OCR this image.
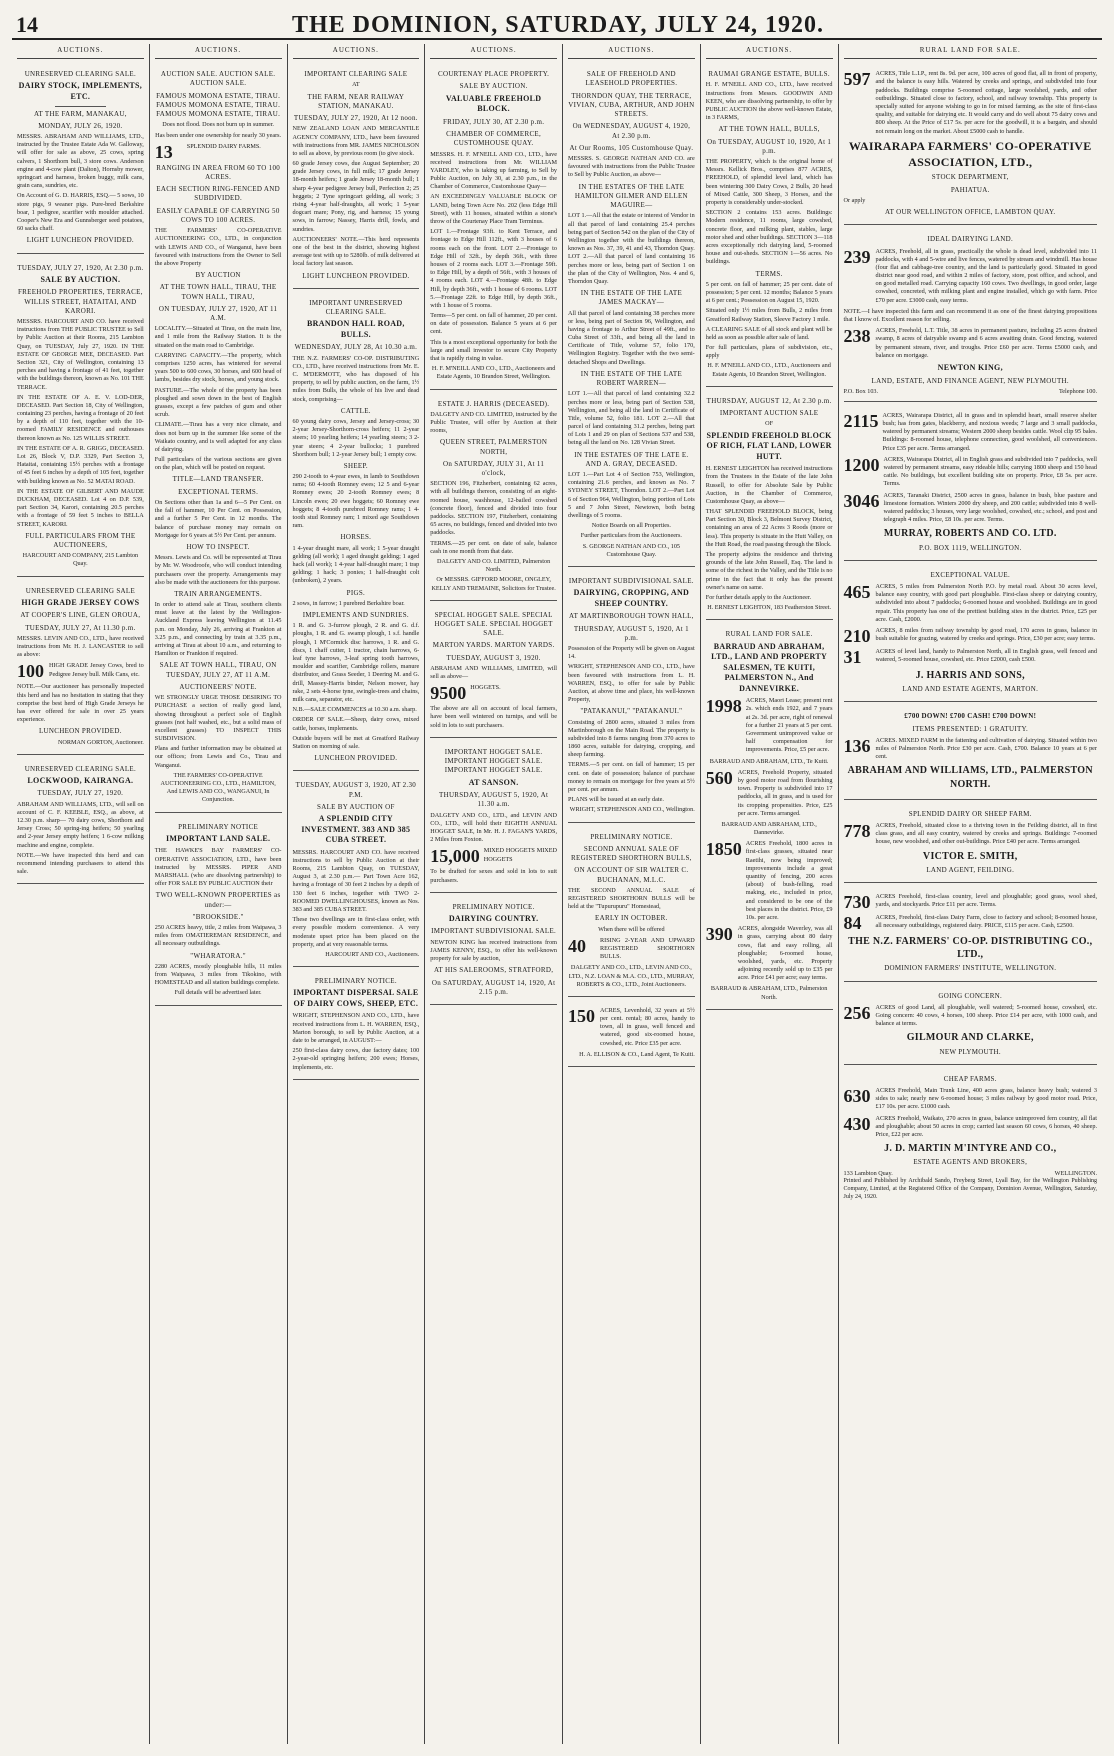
14	THE DOMINION, SATURDAY, JULY 24, 1920.
AUCTIONS.
UNRESERVED CLEARING SALE.
DAIRY STOCK, IMPLEMENTS, ETC.
AT THE FARM, MANAKAU,
MONDAY, JULY 26, 1920.

MESSRS. ABRAHAM AND WILLIAMS, LTD., instructed by the Trustee Estate Ada W. Galloway, will offer for sale as above, 25 cows, spring calvers, 1 Shorthorn bull, 3 store cows. Anderson engine and 4-cow plant (Dalton), Hornsby mower, springcart and harness, broken buggy, milk cans, grain cans, sundries, etc.

On Account of G. D. HARRIS, ESQ.— 5 sows, 10 store pigs, 9 weaner pigs. Pure-bred Berkshire boar, 1 pedigree, scarifier with moulder attached. Cooper's New Era and Gunnsberger seed potatoes, 60 sacks chaff.

LIGHT LUNCHEON PROVIDED.
TUESDAY, JULY 27, 1920, At 2.30 p.m.
SALE BY AUCTION.
FREEHOLD PROPERTIES, TERRACE, WILLIS STREET, HATAITAI, AND KARORI.

MESSRS. HARCOURT AND CO. have received instructions from THE PUBLIC TRUSTEE to Sell by Public Auction at their Rooms, 215 Lambton Quay, on TUESDAY, July 27, 1920. IN THE ESTATE OF GEORGE MEE, DECEASED. Part Section 321, City of Wellington, containing 13 perches and having a frontage of 41 feet, together with the buildings thereon, known as No. 101 THE TERRACE.

IN THE ESTATE OF A. E. V. LOD-DER, DECEASED. Part Section 18, City of Wellington, containing 23 perches, having a frontage of 20 feet by a depth of 110 feet, together with the 10-roomed FAMILY RESIDENCE and outhouses thereon known as No. 125 WILLIS STREET.

IN THE ESTATE OF A. R. GRIGG, DECEASED. Lot 26, Block V, D.P. 3329, Part Section 3, Hataitai, containing 15½ perches with a frontage of 45 feet 6 inches by a depth of 105 feet, together with building known as No. 52 MATAI ROAD.

IN THE ESTATE OF GILBERT AND MAUDE DUCKHAM, DECEASED. Lot 4 on D.P. 539, part Section 34, Karori, containing 20.5 perches with a frontage of 59 feet 5 inches to BELLA STREET, KARORI.

FULL PARTICULARS FROM THE AUCTIONEERS,

HARCOURT AND COMPANY, 215 Lambton Quay.

UNRESERVED CLEARING SALE
HIGH GRADE JERSEY COWS
AT COOPER'S LINE, GLEN OROUA,
TUESDAY, JULY 27, At 11.30 p.m.

MESSRS. LEVIN AND CO., LTD., have received instructions from Mr. H. J. LANCASTER to sell as above:

100 HIGH GRADE Jersey Cows, bred to Pedigree Jersey bull. Milk Cans, etc.

NOTE.—Our auctioneer has personally inspected this herd and has no hesitation in stating that they comprise the best herd of High Grade Jerseys he has ever offered for sale in over 25 years experience.

LUNCHEON PROVIDED.

NORMAN GORTON, Auctioneer.

UNRESERVED CLEARING SALE.
LOCKWOOD, KAIRANGA.
TUESDAY, JULY 27, 1920.

ABRAHAM AND WILLIAMS, LTD., will sell on account of C. F. KEEBLE, ESQ., as above, at 12.30 p.m. sharp— 70 dairy cows, Shorthorn and Jersey Cross; 50 spring-ing heifers; 50 yearling and 2-year Jersey empty heifers; 1 6-cow milking machine and engine, complete.

NOTE.—We have inspected this herd and can recommend intending purchasers to attend this sale.

AUCTIONS.
AUCTION SALE. AUCTION SALE. AUCTION SALE.
FAMOUS MOMONA ESTATE, TIRAU. FAMOUS MOMONA ESTATE, TIRAU. FAMOUS MOMONA ESTATE, TIRAU.

Does not flood. Does not burn up in summer.

Has been under one ownership for nearly 30 years.

13	SPLENDID DAIRY FARMS.
RANGING IN AREA FROM 60 TO 100 ACRES.
EACH SECTION RING-FENCED AND SUBDIVIDED.
EASILY CAPABLE OF CARRYING 50 COWS TO 100 ACRES.

THE FARMERS' CO-OPERATIVE AUCTIONEERING CO., LTD., in conjunction with LEWIS AND CO., of Wanganui, have been favoured with instructions from the Owner to Sell the above Property

BY AUCTION
AT THE TOWN HALL, TIRAU, THE TOWN HALL, TIRAU,
ON TUESDAY, JULY 27, 1920, AT 11 A.M.

LOCALITY.—Situated at Tirau, on the main line, and 1 mile from the Railway Station. It is the situated on the main road to Cambridge.

CARRYING CAPACITY.—The property, which comprises 1250 acres, has wintered for several years 500 to 600 cows, 30 horses, and 600 head of lambs, besides dry stock, horses, and young stock.

PASTURE.—The whole of the property has been ploughed and sown down in the best of English grasses, except a few patches of gum and other scrub.

CLIMATE.—Tirau has a very nice climate, and does not burn up in the summer like some of the Waikato country, and is well adapted for any class of dairying.

Full particulars of the various sections are given on the plan, which will be posted on request.

TITLE—LAND TRANSFER.
EXCEPTIONAL TERMS.

On Sections other than 1a and 6—5 Per Cent. on the fall of hammer, 10 Per Cent. on Possession, and a further 5 Per Cent. in 12 months. The balance of purchase money may remain on Mortgage for 6 years at 5½ Per Cent. per annum.

HOW TO INSPECT.

Messrs. Lewis and Co. will be represented at Tirau by Mr. W. Woodroofe, who will conduct intending purchasers over the property. Arrangements may also be made with the auctioneers for this purpose.

TRAIN ARRANGEMENTS.

In order to attend sale at Tirau, southern clients must leave at the latest by the Wellington-Auckland Express leaving Wellington at 11.45 p.m. on Monday, July 26, arriving at Frankton at 3.25 p.m., and connecting by train at 3.35 p.m., arriving at Tirau at about 10 a.m., and returning to Hamilton or Frankton if required.

SALE AT TOWN HALL, TIRAU, ON TUESDAY, JULY 27, AT 11 A.M.
AUCTIONEERS' NOTE.

WE STRONGLY URGE THOSE DESIRING TO PURCHASE a section of really good land, showing throughout a perfect sole of English grasses (not half washed, etc., but a solid mass of excellent grasses) TO INSPECT THIS SUBDIVISION.

Plans and further information may be obtained at our offices; from Lewis and Co., Tirau and Wanganui.

THE FARMERS' CO-OPERATIVE AUCTIONEERING CO., LTD., HAMILTON, And LEWIS AND CO., WANGANUI, In Conjunction.

PRELIMINARY NOTICE
IMPORTANT LAND SALE.

THE HAWKE'S BAY FARMERS' CO-OPERATIVE ASSOCIATION, LTD., have been instructed by MESSRS. PIPER AND MARSHALL (who are dissolving partnership) to offer FOR SALE BY PUBLIC AUCTION their

TWO WELL-KNOWN PROPERTIES as under:—
"BROOKSIDE."

250 ACRES heavy, title, 2 miles from Waipawa, 3 miles from OMATIEREMAN RESIDENCE, and all necessary outbuildings.

"WHARATORA."

2280 ACRES, mostly ploughable hills, 11 miles from Waipawa, 3 miles from Tikokino, with HOMESTEAD and all station buildings complete.

Full details will be advertised later.

AUCTIONS.
IMPORTANT CLEARING SALE

AT

THE FARM, NEAR RAILWAY STATION, MANAKAU.
TUESDAY, JULY 27, 1920, At 12 noon.

NEW ZEALAND LOAN AND MERCANTILE AGENCY COMPANY, LTD., have been favoured with instructions from MR. JAMES NICHOLSON to sell as above, by previous room (to give stock.

60 grade Jersey cows, due August September; 20 grade Jersey cows, in full milk; 17 grade Jersey 18-month heifers; 1 grade Jersey 18-month bull; 1 sharp 4-year pedigree Jersey bull, Perfection 2; 25 heggets; 2 Tyne springcart gelding, all work; 3 rising 4-year half-draughts, all work; 1 5-year dogcart mare; Pony, rig, and harness; 15 young sows, in farrow; Nassey, Harris drill, fowls, and sundries.

AUCTIONEERS' NOTE.—This herd represents one of the best in the district, showing highest average test with up to 5280lb. of milk delivered at local factory last season.

LIGHT LUNCHEON PROVIDED.
IMPORTANT UNRESERVED CLEARING SALE.
BRANDON HALL ROAD, BULLS.
WEDNESDAY, JULY 28, At 10.30 a.m.

THE N.Z. FARMERS' CO-OP. DISTRIBUTING CO., LTD., have received instructions from Mr. E. C. M'DERMOTT, who has disposed of his property, to sell by public auction, on the farm, 1½ miles from Bulls, the whole of his live and dead stock, comprising—

CATTLE.

60 young dairy cows, Jersey and Jersey-cross; 30 2-year Jersey-Shorthorn-cross heifers; 11 2-year steers; 10 yearling heifers; 14 yearling steers; 3 2-year steers; 4 2-year bullocks; 1 purebred Shorthorn bull; 1 2-year Jersey bull; 1 empty cow.

SHEEP.

290 2-tooth to 4-year ewes, in lamb to Southdown rams; 60 4-tooth Romney ewes; 12 5 and 6-year Romney ewes; 20 2-tooth Romney ewes; 8 Lincoln ewes; 20 ewe hoggets; 60 Romney ewe hoggets; 8 4-tooth purebred Romney rams; 1 4-tooth stud Romney ram; 1 mixed age Southdown ram.

HORSES.

1 4-year draught mare, all work; 1 5-year draught gelding (all work); 1 aged draught gelding; 1 aged hack (all work); 1 4-year half-draught mare; 1 trap gelding; 1 hack; 3 ponies; 1 half-draught colt (unbroken), 2 years.

PIGS.

2 sows, in farrow; 1 purebred Berkshire boar.

IMPLEMENTS AND SUNDRIES.

1 R. and G. 3-furrow plough, 2 R. and G. d.f. ploughs, 1 R. and G. swamp plough, 1 s.f. handle plough, 1 M'Cormick disc harrows, 1 R. and G. discs, 1 chaff cutter, 1 tractor, chain harrows, 6-leaf tyne harrows, 3-leaf spring tooth harrows, moulder and scarifier, Cambridge rollers, manure distributor, and Grass Seeder, 1 Deering M. and G. drill, Massey-Harris binder, Nelson mower, hay rake, 2 sets 4-horse tyne, swingle-trees and chains, milk cans, separator, etc.

N.B.—SALE COMMENCES at 10.30 a.m. sharp.

ORDER OF SALE.—Sheep, dairy cows, mixed cattle, horses, implements.

Outside buyers will be met at Greatford Railway Station on morning of sale.

LUNCHEON PROVIDED.
TUESDAY, AUGUST 3, 1920, AT 2.30 P.M.
SALE BY AUCTION OF
A SPLENDID CITY INVESTMENT. 383 AND 385 CUBA STREET.

MESSRS. HARCOURT AND CO. have received instructions to sell by Public Auction at their Rooms, 215 Lambton Quay, on TUESDAY, August 3, at 2.30 p.m.— Part Town Acre 162, having a frontage of 30 feet 2 inches by a depth of 130 feet 6 inches, together with TWO 2-ROOMED DWELLINGHOUSES, known as Nos. 383 and 385 CUBA STREET.

These two dwellings are in first-class order, with every possible modern convenience. A very moderate upset price has been placed on the property, and at very reasonable terms.

HARCOURT AND CO., Auctioneers.

PRELIMINARY NOTICE.
IMPORTANT DISPERSAL SALE OF DAIRY COWS, SHEEP, ETC.

WRIGHT, STEPHENSON AND CO., LTD., have received instructions from L. H. WARREN, ESQ., Marton borough, to sell by Public Auction, at a date to be arranged, in AUGUST:—

250 first-class dairy cows, due factory dates; 100 2-year-old springing heifers; 200 ewes; Horses, implements, etc.

AUCTIONS.
COURTENAY PLACE PROPERTY.
SALE BY AUCTION.
VALUABLE FREEHOLD BLOCK.
FRIDAY, JULY 30, AT 2.30 p.m.
CHAMBER OF COMMERCE, CUSTOMHOUSE QUAY.

MESSRS. H. F. M'NEILL AND CO., LTD., have received instructions from Mr. WILLIAM YARDLEY, who is taking up farming, to Sell by Public Auction, on July 30, at 2.30 p.m., in the Chamber of Commerce, Customhouse Quay—

AN EXCEEDINGLY VALUABLE BLOCK OF LAND, being Town Acre No. 202 (less Edge Hill Street), with 11 houses, situated within a stone's throw of the Courtenay Place Tram Terminus.

LOT 1.—Frontage 93ft. to Kent Terrace, and frontage to Edge Hill 112ft., with 3 houses of 6 rooms each on the front. LOT 2.—Frontage to Edge Hill of 32ft., by depth 36ft., with three houses of 2 rooms each. LOT 3.—Frontage 59ft. to Edge Hill, by a depth of 56ft., with 3 houses of 4 rooms each. LOT 4.—Frontage 48ft. to Edge Hill, by depth 36ft., with 1 house of 6 rooms. LOT 5.—Frontage 22ft. to Edge Hill, by depth 36ft., with 1 house of 5 rooms.

Terms—5 per cent. on fall of hammer, 20 per cent. on date of possession. Balance 5 years at 6 per cent.

This is a most exceptional opportunity for both the large and small investor to secure City Property that is rapidly rising in value.

H. F. M'NEILL AND CO., LTD., Auctioneers and Estate Agents, 10 Brandon Street, Wellington.

ESTATE J. HARRIS (DECEASED).

DALGETY AND CO. LIMITED, instructed by the Public Trustee, will offer by Auction at their rooms,

QUEEN STREET, PALMERSTON NORTH,
On SATURDAY, JULY 31, At 11 o'clock,

SECTION 196, Fitzherbert, containing 62 acres, with all buildings thereon, consisting of an eight-roomed house, washhouse, 12-bailed cowshed (concrete floor), fenced and divided into four paddocks. SECTION 197, Fitzherbert, containing 65 acres, no buildings, fenced and divided into two paddocks.

TERMS.—25 per cent. on date of sale, balance cash in one month from that date.

DALGETY AND CO. LIMITED, Palmerston North.

Or MESSRS. GIFFORD MOORE, ONGLEY, KELLY AND TREMAINE, Solicitors for Trustee.

SPECIAL HOGGET SALE. SPECIAL HOGGET SALE. SPECIAL HOGGET SALE.
MARTON YARDS. MARTON YARDS.
TUESDAY, AUGUST 3, 1920.

ABRAHAM AND WILLIAMS, LIMITED, will sell as above—

9500 HOGGETS.

The above are all on account of local farmers, have been well wintered on turnips, and will be sold in lots to suit purchasers.

IMPORTANT HOGGET SALE. IMPORTANT HOGGET SALE. IMPORTANT HOGGET SALE.
AT SANSON.
THURSDAY, AUGUST 5, 1920, At 11.30 a.m.

DALGETY AND CO., LTD., and LEVIN AND CO., LTD., will hold their EIGHTH ANNUAL HOGGET SALE, In Mr. H. J. FAGAN'S YARDS, 2 Miles from Foxton.

15,000 MIXED HOGGETS MIXED HOGGETS

To be drafted for sexes and sold in lots to suit purchasers.

PRELIMINARY NOTICE.
DAIRYING COUNTRY.
IMPORTANT SUBDIVISIONAL SALE.

NEWTON KING has received instructions from JAMES KENNY, ESQ., to offer his well-known property for sale by auction,

AT HIS SALEROOMS, STRATFORD,
On SATURDAY, AUGUST 14, 1920, At 2.15 p.m.
AUCTIONS.
SALE OF FREEHOLD AND LEASEHOLD PROPERTIES.
THORNDON QUAY, THE TERRACE, VIVIAN, CUBA, ARTHUR, AND JOHN STREETS.
On WEDNESDAY, AUGUST 4, 1920, At 2.30 p.m.
At Our Rooms, 105 Customhouse Quay.

MESSRS. S. GEORGE NATHAN AND CO. are favoured with instructions from the Public Trustee to Sell by Public Auction, as above—

IN THE ESTATES OF THE LATE HAMILTON GILMER AND ELLEN MAGUIRE—

LOT 1.—All that the estate or interest of Vendor in all that parcel of land containing 25.4 perches being part of Section 542 on the plan of the City of Wellington together with the buildings thereon, known as Nos. 37, 39, 41 and 43, Thorndon Quay. LOT 2.—All that parcel of land containing 16 perches more or less, being part of Section 1 on the plan of the City of Wellington, Nos. 4 and 6, Thorndon Quay.

IN THE ESTATE OF THE LATE JAMES MACKAY—

All that parcel of land containing 38 perches more or less, being part of Section 96, Wellington, and having a frontage to Arthur Street of 49ft., and to Cuba Street of 33ft., and being all the land in Certificate of Title, volume 57, folio 170, Wellington Registry. Together with the two semi-detached Shops and Dwellings.

IN THE ESTATE OF THE LATE ROBERT WARREN—

LOT 1.—All that parcel of land containing 32.2 perches more or less, being part of Section 538, Wellington, and being all the land in Certificate of Title, volume 52, folio 181. LOT 2.—All that parcel of land containing 31.2 perches, being part of Lots 1 and 29 on plan of Sections 537 and 538, being all the land on No. 128 Vivian Street.

IN THE ESTATES OF THE LATE E. AND A. GRAY, DECEASED.

LOT 1.—Part Lot 4 of Section 753, Wellington, containing 21.6 perches, and known as No. 7 SYDNEY STREET, Thorndon. LOT 2.—Part Lot 6 of Section 964, Wellington, being portion of Lots 5 and 7 John Street, Newtown, both being dwellings of 5 rooms.

Notice Boards on all Properties.

Further particulars from the Auctioneers.

S. GEORGE NATHAN AND CO., 105 Customhouse Quay.

IMPORTANT SUBDIVISIONAL SALE.
DAIRYING, CROPPING, AND SHEEP COUNTRY.
AT MARTINBOROUGH TOWN HALL,
THURSDAY, AUGUST 5, 1920, At 1 p.m.

Possession of the Property will be given on August 14.

WRIGHT, STEPHENSON AND CO., LTD., have been favoured with instructions from L. H. WARREN, ESQ., to offer for sale by Public Auction, at above time and place, his well-known Property,

"PATAKANUI," "PATAKANUI."

Consisting of 2800 acres, situated 3 miles from Martinborough on the Main Road. The property is subdivided into 8 farms ranging from 370 acres to 1860 acres, suitable for dairying, cropping, and sheep farming.

TERMS.—5 per cent. on fall of hammer; 15 per cent. on date of possession; balance of purchase money to remain on mortgage for five years at 5½ per cent. per annum.

PLANS will be issued at an early date.

WRIGHT, STEPHENSON AND CO., Wellington.

PRELIMINARY NOTICE.
SECOND ANNUAL SALE OF REGISTERED SHORTHORN BULLS,
ON ACCOUNT OF SIR WALTER C. BUCHANAN, M.L.C.

THE SECOND ANNUAL SALE of REGISTERED SHORTHORN BULLS will be held at the "Tupurupuru" Homestead,

EARLY IN OCTOBER.

When there will be offered

40	RISING 2-YEAR AND UPWARD REGISTERED SHORTHORN BULLS.

DALGETY AND CO., LTD., LEVIN AND CO., LTD., N.Z. LOAN & M.A. CO., LTD., MURRAY, ROBERTS & CO., LTD., Joint Auctioneers.

150 ACRES, Levenhold, 32 years at 5½ per cent. rental; 80 acres, handy to town, all in grass, well fenced and watered, good six-roomed house, cowshed, etc. Price £35 per acre.

H. A. ELLISON & CO., Land Agent, Te Kuiti.

AUCTIONS.
RAUMAI GRANGE ESTATE, BULLS.

H. F. M'NEILL AND CO., LTD., have received instructions from Messrs. GOODWIN AND KEEN, who are dissolving partnership, to offer by PUBLIC AUCTION the above well-known Estate, in 3 FARMS,

AT THE TOWN HALL, BULLS,
On TUESDAY, AUGUST 10, 1920, At 1 p.m.

THE PROPERTY, which is the original home of Messrs. Kellick Bros., comprises 877 ACRES, FREEHOLD, of splendid level land, which has been wintering 300 Dairy Cows, 2 Bulls, 20 head of Mixed Cattle, 300 Sheep, 3 Horses, and the property is considerably under-stocked.

SECTION 2 contains 153 acres. Buildings: Modern residence, 11 rooms, large cowshed, concrete floor, and milking plant, stables, large motor shed and other buildings. SECTION 3—118 acres exceptionally rich dairying land, 5-roomed house and out-sheds. SECTION 1—56 acres. No buildings.

TERMS.

5 per cent. on fall of hammer; 25 per cent. date of possession; 5 per cent. 12 months; Balance 5 years at 6 per cent.; Possession on August 15, 1920.

Situated only 1½ miles from Bulls, 2 miles from Greatford Railway Station, Sleeve Factory 1 mile.

A CLEARING SALE of all stock and plant will be held as soon as possible after sale of land.

For full particulars, plans of subdivision, etc., apply

H. F. M'NEILL AND CO., LTD., Auctioneers and Estate Agents, 10 Brandon Street, Wellington.

THURSDAY, AUGUST 12, At 2.30 p.m.
IMPORTANT AUCTION SALE

OF

SPLENDID FREEHOLD BLOCK OF RICH, FLAT LAND, LOWER HUTT.

H. ERNEST LEIGHTON has received instructions from the Trustees in the Estate of the late John Russell, to offer for Absolute Sale by Public Auction, in the Chamber of Commerce, Customhouse Quay, as above—

THAT SPLENDID FREEHOLD BLOCK, being Part Section 30, Block 3, Belmont Survey District, containing an area of 22 Acres 3 Roods (more or less). This property is situate in the Hutt Valley, on the Hutt Road, the road passing through the Block.

The property adjoins the residence and thriving grounds of the late John Russell, Esq. The land is some of the richest in the Valley, and the Title is no prime in the fact that it only has the present owner's name on same.

For further details apply to the Auctioneer.

H. ERNEST LEIGHTON, 183 Featherston Street.

RURAL LAND FOR SALE.
BARRAUD AND ABRAHAM, LTD., LAND AND PROPERTY SALESMEN, TE KUITI, PALMERSTON N., And DANNEVIRKE.
1998 ACRES, Maori Lease; present rent 2s. which ends 1922, and 7 years at 2s. 3d. per acre, right of renewal for a further 21 years at 5 per cent. Government unimproved value or half compensation for improvements. Price, £5 per acre.

BARRAUD AND ABRAHAM, LTD., Te Kuiti.

560 ACRES, Freehold Property, situated by good motor road from flourishing town. Property is subdivided into 17 paddocks, all in grass, and is used for its cropping propensities. Price, £25 per acre. Terms arranged.

BARRAUD AND ABRAHAM, LTD., Dannevirke.

1850 ACRES Freehold, 1800 acres in first-class grasses, situated near Raetihi, now being improved; improvements include a great quantity of fencing, 200 acres (about) of bush-felling, road making, etc., included in price, and considered to be one of the best places in the district. Price, £9 10s. per acre.
390 ACRES, alongside Waverley, was all in grass, carrying about 80 dairy cows, flat and easy rolling, all ploughable; 6-roomed house, woolshed, yards, etc. Property adjoining recently sold up to £35 per acre. Price £41 per acre; easy terms.

BARRAUD & ABRAHAM, LTD., Palmerston North.

RURAL LAND FOR SALE.
597 ACRES, Title L.I.P., rent 8s. 9d. per acre, 100 acres of good flat, all in front of property, and the balance is easy hills. Watered by creeks and springs, and subdivided into four paddocks. Buildings comprise 5-roomed cottage, large woolshed, yards, and other outbuildings. Situated close to factory, school, and railway township. This property is specially suited for anyone wishing to go in for mixed farming, as the site of first-class quality, and suitable for dairying etc. It would carry and do well about 75 dairy cows and 800 sheep. At the Price of £17 5s. per acre for the goodwill, it is a bargain, and should not remain long on the market. About £5000 cash to handle.
WAIRARAPA FARMERS' CO-OPERATIVE ASSOCIATION, LTD.,
STOCK DEPARTMENT,
PAHIATUA.

Or apply

AT OUR WELLINGTON OFFICE, LAMBTON QUAY.
IDEAL DAIRYING LAND.
239 ACRES, Freehold, all in grass, practically the whole is dead level, subdivided into 11 paddocks, with 4 and 5-wire and live fences, watered by stream and windmill. Has house (four flat and cabbage-tree country, and the land is particularly good. Situated in good district near good road, and within 2 miles of factory, store, post office, and school, and on good metalled road. Carrying capacity 160 cows. Two dwellings, in good order, large cowshed, concreted, with milking plant and engine installed, which go with farm. Price £70 per acre. £3000 cash, easy terms.

NOTE.—I have inspected this farm and can recommend it as one of the finest dairying propositions that I know of. Excellent reason for selling.

238 ACRES, Freehold, L.T. Title, 38 acres in permanent pasture, including 25 acres drained swamp, 8 acres of dairyable swamp and 6 acres awaiting drain. Good fencing, watered by permanent stream, river, and troughs. Price £60 per acre. Terms £5000 cash, and balance on mortgage.
NEWTON KING,
LAND, ESTATE, AND FINANCE AGENT, NEW PLYMOUTH.
P.O. Box 103.	Telephone 100.
2115 ACRES, Wairarapa District, all in grass and in splendid heart, small reserve shelter bush; has from gates, blackberry, and noxious weeds; 7 large and 3 small paddocks, watered by permanent streams; Western 2000 sheep besides cattle. Wool clip 95 bales. Buildings: 8-roomed house, telephone connection, good woolshed, all conveniences. Price £35 per acre. Terms arranged.
1200 ACRES, Wairarapa District, all in English grass and subdivided into 7 paddocks, well watered by permanent streams, easy rideable hills; carrying 1800 sheep and 150 head cattle. No buildings, but excellent building site on property. Price, £8 5s. per acre. Terms.
3046 ACRES, Taranaki District, 2500 acres in grass, balance in bush, blue pasture and limestone formation. Winters 2000 dry sheep, and 200 cattle; subdivided into 8 well-watered paddocks; 3 houses, very large woolshed, cowshed, etc.; school, and post and telegraph 4 miles. Price, £8 10s. per acre. Terms.
MURRAY, ROBERTS AND CO. LTD.
P.O. BOX 1119, WELLINGTON.
EXCEPTIONAL VALUE.
465 ACRES, 5 miles from Palmerston North P.O. by metal road. About 30 acres level, balance easy country, with good part ploughable. First-class sheep or dairying country, subdivided into about 7 paddocks; 6-roomed house and woolshed. Buildings are in good repair. This property has one of the prettiest building sites in the district. Price, £25 per acre. Cash, £2000.
210 ACRES, 8 miles from railway township by good road, 170 acres in grass, balance in bush suitable for grazing, watered by creeks and springs. Price, £30 per acre; easy terms.
31	ACRES of level land, handy to Palmerston North, all in English grass, well fenced and watered, 5-roomed house, cowshed, etc. Price £2000, cash £500.
J. HARRIS AND SONS,
LAND AND ESTATE AGENTS, MARTON.
£700 DOWN! £700 CASH! £700 DOWN!
ITEMS PRESENTED: 1 GRATUITY.
136 ACRES. MIXED FARM in the fattening and cultivation of dairying. Situated within two miles of Palmerston North. Price £30 per acre. Cash, £700. Balance 10 years at 6 per cent.
ABRAHAM AND WILLIAMS, LTD., PALMERSTON NORTH.
SPLENDID DAIRY OR SHEEP FARM.
778 ACRES, Freehold, situated close to a thriving town in the Feilding district, all in first class grass, and all easy country, watered by creeks and springs. Buildings: 7-roomed house, new woolshed, and other out-buildings. Price £40 per acre. Terms arranged.
VICTOR E. SMITH,
LAND AGENT, FEILDING.
730 ACRES Freehold, first-class country, level and ploughable; good grass, wool shed, yards, and stockyards. Price £11 per acre. Terms.
84	ACRES, Freehold, first-class Dairy Farm, close to factory and school; 8-roomed house, all necessary outbuildings, registered dairy. PRICE, £115 per acre. Cash, £2500.
THE N.Z. FARMERS' CO-OP. DISTRIBUTING CO., LTD.,
DOMINION FARMERS' INSTITUTE, WELLINGTON.
GOING CONCERN.
256 ACRES of good Land, all ploughable, well watered; 5-roomed house, cowshed, etc. Going concern: 40 cows, 4 horses, 100 sheep. Price £14 per acre, with 1000 cash, and balance at terms.
GILMOUR AND CLARKE,
NEW PLYMOUTH.
CHEAP FARMS.
630 ACRES Freehold, Main Trunk Line, 400 acres grass, balance heavy bush; watered 3 sides to sale; nearly new 6-roomed house; 3 miles railway by good motor road. Price, £17 10s. per acre. £1000 cash.
430 ACRES Freehold, Waikato, 270 acres in grass, balance unimproved fern country, all flat and ploughable; about 50 acres in crop; carried last season 60 cows, 6 horses, 40 sheep. Price, £22 per acre.
J. D. MARTIN M'INTYRE AND CO.,
ESTATE AGENTS AND BROKERS,
133 Lambton Quay.	WELLINGTON.

Printed and Published by Archibald Sando, Freyberg Street, Lyall Bay, for the Wellington Publishing Company, Limited, at the Registered Office of the Company, Dominion Avenue, Wellington, Saturday, July 24, 1920.
